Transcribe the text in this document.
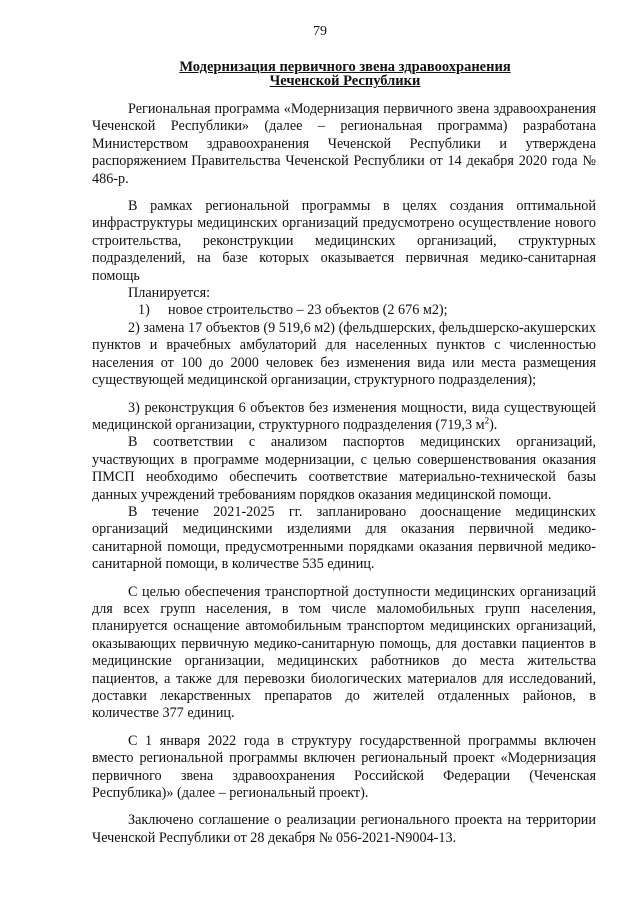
79
Модернизация первичного звена здравоохранения
Чеченской Республики

Региональная программа «Модернизация первичного звена здравоохранения Чеченской Республики» (далее – региональная программа) разработана Министерством здравоохранения Чеченской Республики и утверждена распоряжением Правительства Чеченской Республики от 14 декабря 2020 года № 486-р.

В рамках региональной программы в целях создания оптимальной инфраструктуры медицинских организаций предусмотрено осуществление нового строительства, реконструкции медицинских организаций, структурных подразделений, на базе которых оказывается первичная медико-санитарная помощь

Планируется:

1) новое строительство – 23 объектов (2 676 м2);

2) замена 17 объектов (9 519,6 м2) (фельдшерских, фельдшерско-акушерских пунктов и врачебных амбулаторий для населенных пунктов с численностью населения от 100 до 2000 человек без изменения вида или места размещения существующей медицинской организации, структурного подразделения);

3) реконструкция 6 объектов без изменения мощности, вида существующей медицинской организации, структурного подразделения (719,3 $м^2$).

В соответствии с анализом паспортов медицинских организаций, участвующих в программе модернизации, с целью совершенствования оказания ПМСП необходимо обеспечить соответствие материально-технической базы данных учреждений требованиям порядков оказания медицинской помощи.

В течение 2021-2025 гг. запланировано дооснащение медицинских организаций медицинскими изделиями для оказания первичной медико-санитарной помощи, предусмотренными порядками оказания первичной медико-санитарной помощи, в количестве 535 единиц.

С целью обеспечения транспортной доступности медицинских организаций для всех групп населения, в том числе маломобильных групп населения, планируется оснащение автомобильным транспортом медицинских организаций, оказывающих первичную медико-санитарную помощь, для доставки пациентов в медицинские организации, медицинских работников до места жительства пациентов, а также для перевозки биологических материалов для исследований, доставки лекарственных препаратов до жителей отдаленных районов, в количестве 377 единиц.

С 1 января 2022 года в структуру государственной программы включен вместо региональной программы включен региональный проект «Модернизация первичного звена здравоохранения Российской Федерации (Чеченская Республика)» (далее – региональный проект).

Заключено соглашение о реализации регионального проекта на территории Чеченской Республики от 28 декабря № 056-2021-N9004-13.
